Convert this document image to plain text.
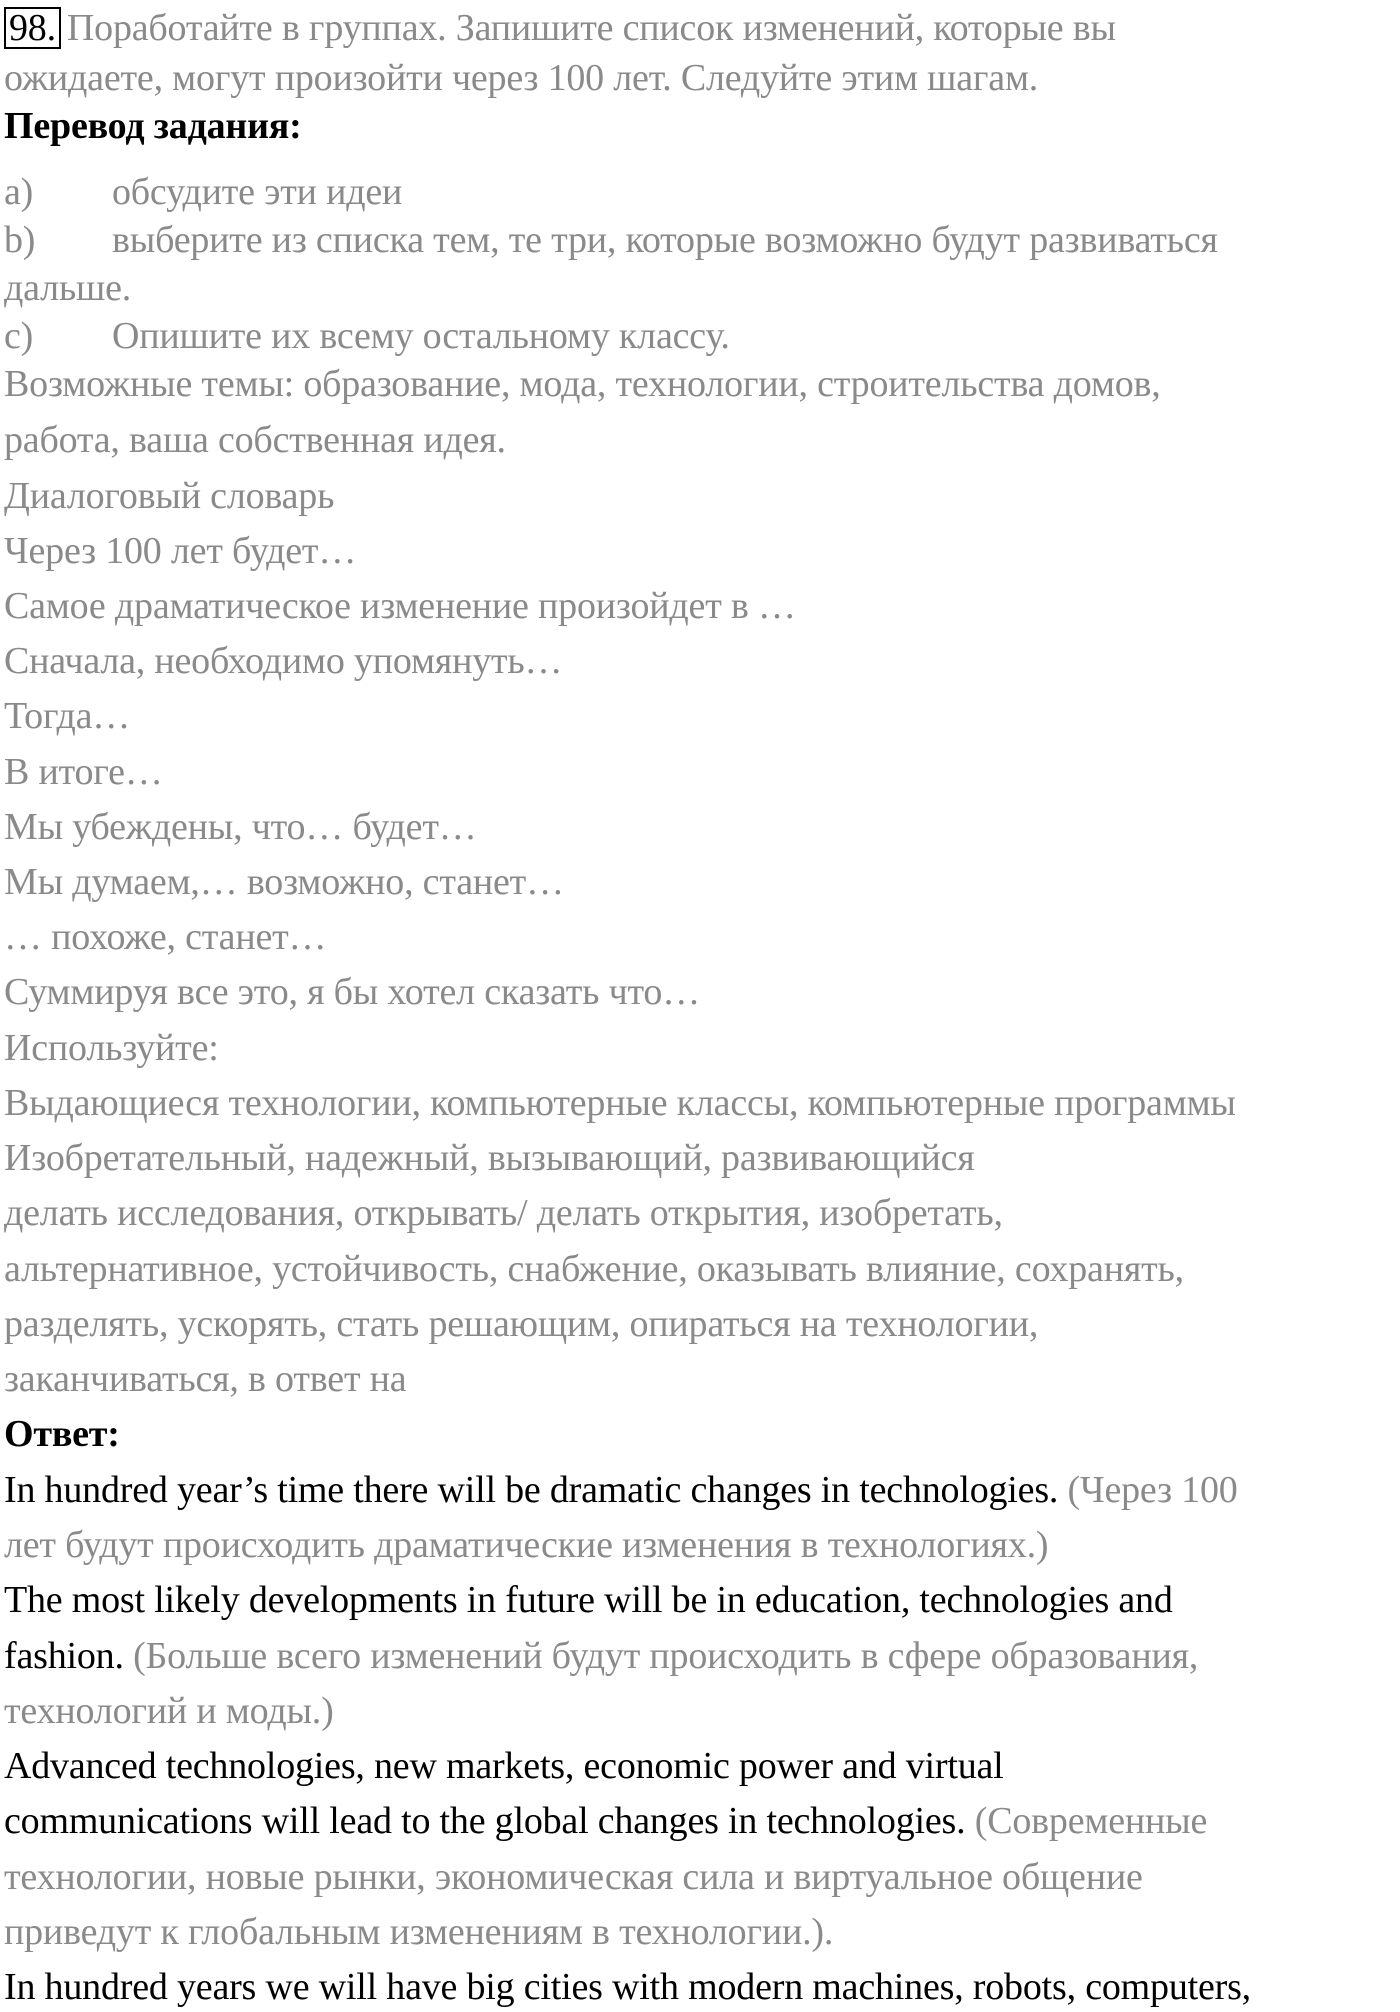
98. Поработайте в группах. Запишите список изменений, которые вы
ожидаете, могут произойти через 100 лет. Следуйте этим шагам.
Перевод задания:
a) обсудите эти идеи
b) выберите из списка тем, те три, которые возможно будут развиваться
дальше.
c) Опишите их всему остальному классу.
Возможные темы: образование, мода, технологии, строительства домов,
работа, ваша собственная идея.
Диалоговый словарь
Через 100 лет будет…
Самое драматическое изменение произойдет в …
Сначала, необходимо упомянуть…
Тогда…
В итоге…
Мы убеждены, что… будет…
Мы думаем,… возможно, станет…
… похоже, станет…
Суммируя все это, я бы хотел сказать что…
Используйте:
Выдающиеся технологии, компьютерные классы, компьютерные программы
Изобретательный, надежный, вызывающий, развивающийся
делать исследования, открывать/ делать открытия, изобретать,
альтернативное, устойчивость, снабжение, оказывать влияние, сохранять,
разделять, ускорять, стать решающим, опираться на технологии,
заканчиваться, в ответ на
Ответ:
In hundred year’s time there will be dramatic changes in technologies. (Через 100
лет будут происходить драматические изменения в технологиях.)
The most likely developments in future will be in education, technologies and
fashion. (Больше всего изменений будут происходить в сфере образования,
технологий и моды.)
Advanced technologies, new markets, economic power and virtual
communications will lead to the global changes in technologies. (Современные
технологии, новые рынки, экономическая сила и виртуальное общение
приведут к глобальным изменениям в технологии.).
In hundred years we will have big cities with modern machines, robots, computers,
